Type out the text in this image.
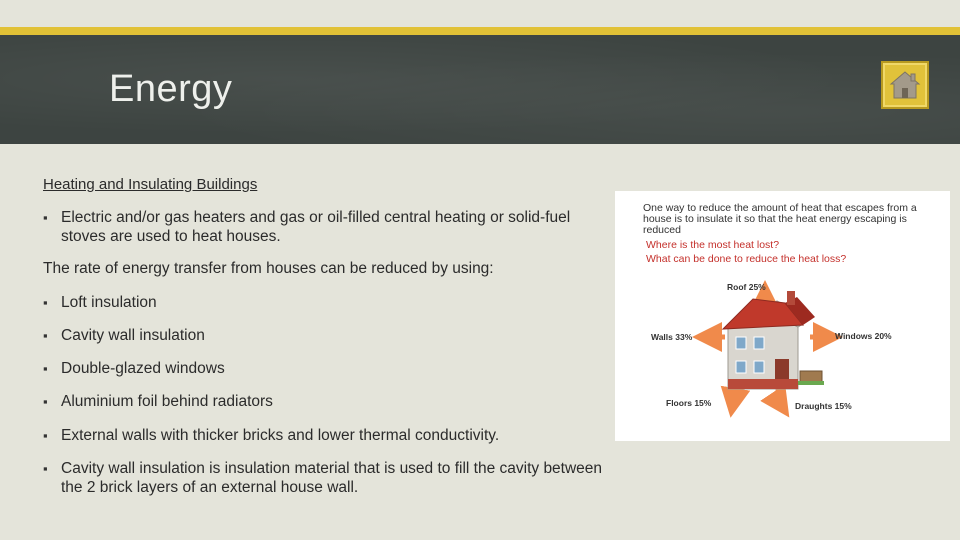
Energy

Heating and Insulating Buildings

▪ Electric and/or gas heaters and gas or oil-filled central heating or solid-fuel stoves are used to heat houses.
The rate of energy transfer from houses can be reduced by using:
▪ Loft insulation
▪ Cavity wall insulation
▪ Double-glazed windows
▪ Aluminium foil behind radiators
▪ External walls with thicker bricks and lower thermal conductivity.
▪ Cavity wall insulation is insulation material that is used to fill the cavity between the 2 brick layers of an external house wall.
One way to reduce the amount of heat that escapes from a house is to insulate it so that the heat energy escaping is reduced
Where is the most heat lost?
What can be done to reduce the heat loss?
Roof 25%
Walls 33%	Windows 20%
Floors 15%	Draughts 15%
